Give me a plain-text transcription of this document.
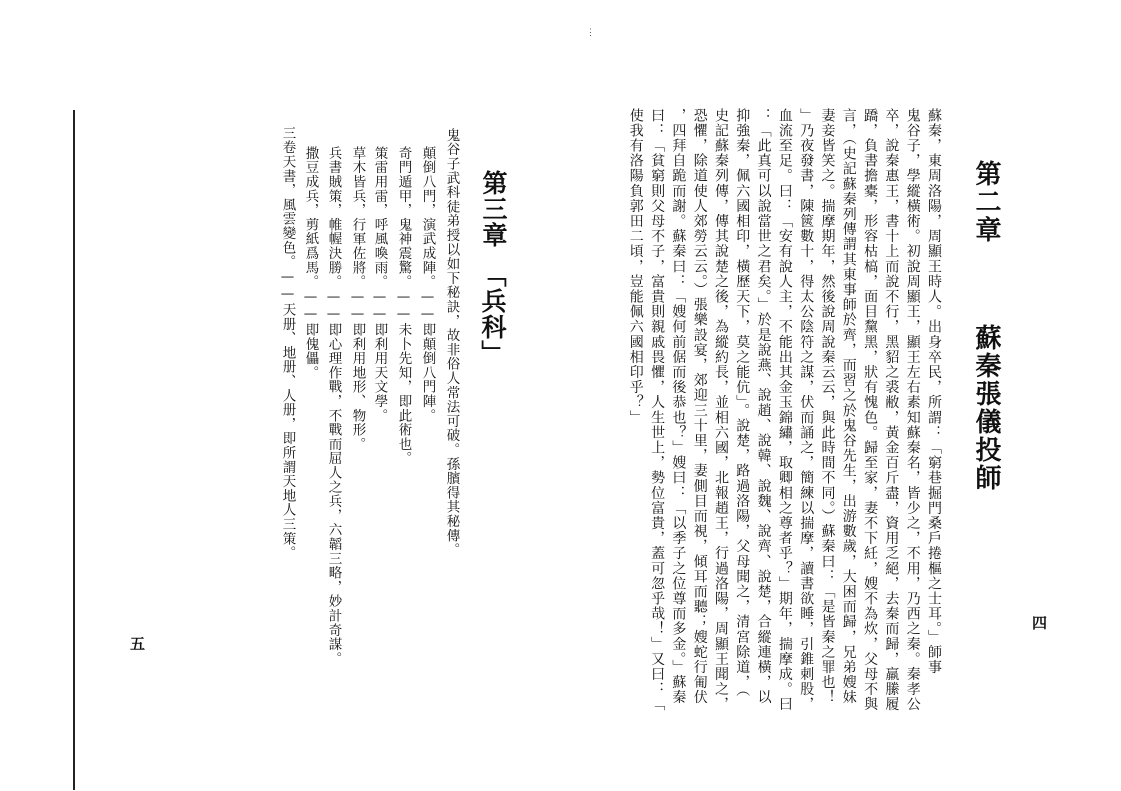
⋮
第二章  蘇秦張儀投師
蘇秦，東周洛陽，周顯王時人。出身卒民，所謂：「窮巷掘門桑戶捲樞之士耳。」師事
鬼谷子，學縱橫術。初說周顯王，顯王左右素知蘇秦名，皆少之，不用，乃西之秦。秦孝公
卒，說秦惠王，書十上而說不行，黑貂之裘敝，黃金百斤盡，資用乏絕，去秦而歸，羸縢履
蹻，負書擔橐，形容枯槁，面目黧黑，狀有愧色。歸至家，妻不下紝，嫂不為炊，父母不與
言，（史記蘇秦列傳謂其東事師於齊，而習之於鬼谷先生，出游數歲，大困而歸，兄弟嫂妹
妻妾皆笑之。揣摩期年，然後說周說秦云云，與此時間不同。）蘇秦曰：「是皆秦之罪也！
」乃夜發書，陳篋數十，得太公陰符之謀，伏而誦之，簡練以揣摩，讀書欲睡，引錐刺股，
血流至足。曰：「安有說人主，不能出其金玉錦繡，取卿相之尊者乎？」期年，揣摩成。曰
：「此真可以說當世之君矣。」於是說燕、說趙、說韓、說魏、說齊、說楚，合縱連橫，以
抑強秦，佩六國相印，橫歷天下，莫之能伉」。說楚，路過洛陽，父母聞之，清宮除道，（
史記蘇秦列傳，傳其說楚之後，為縱約長，並相六國，北報趙王，行過洛陽，周顯王聞之，
恐懼，除道使人郊勞云云。）張樂設宴，郊迎三十里，妻側目而視，傾耳而聽；嫂蛇行匍伏
，四拜自跪而謝。蘇秦曰：「嫂何前倨而後恭也？」嫂曰：「以季子之位尊而多金。」蘇秦
曰：「貧窮則父母不子，富貴則親戚畏懼，人生世上，勢位富貴，蓋可忽乎哉！」又曰：「
使我有洛陽負郭田二頃，豈能佩六國相印乎？」
四
第三章
「兵科」
鬼谷子武科徒弟授以如下秘訣，故非俗人常法可破。孫臏得其秘傳。
顛倒八門，演武成陣。——即顛倒八門陣。
奇門遁甲，鬼神震驚。——未卜先知，即此術也。
策雷用雷，呼風喚雨。——即利用天文學。
草木皆兵，行軍佐將。——即利用地形、物形。
兵書賊策，帷幄決勝。——即心理作戰，不戰而屈人之兵，六韜三略，妙計奇謀。
撒豆成兵，剪紙爲馬。——即傀儡。
三卷天書，風雲變色。——天册、地册、人册，即所謂天地人三策。
五
